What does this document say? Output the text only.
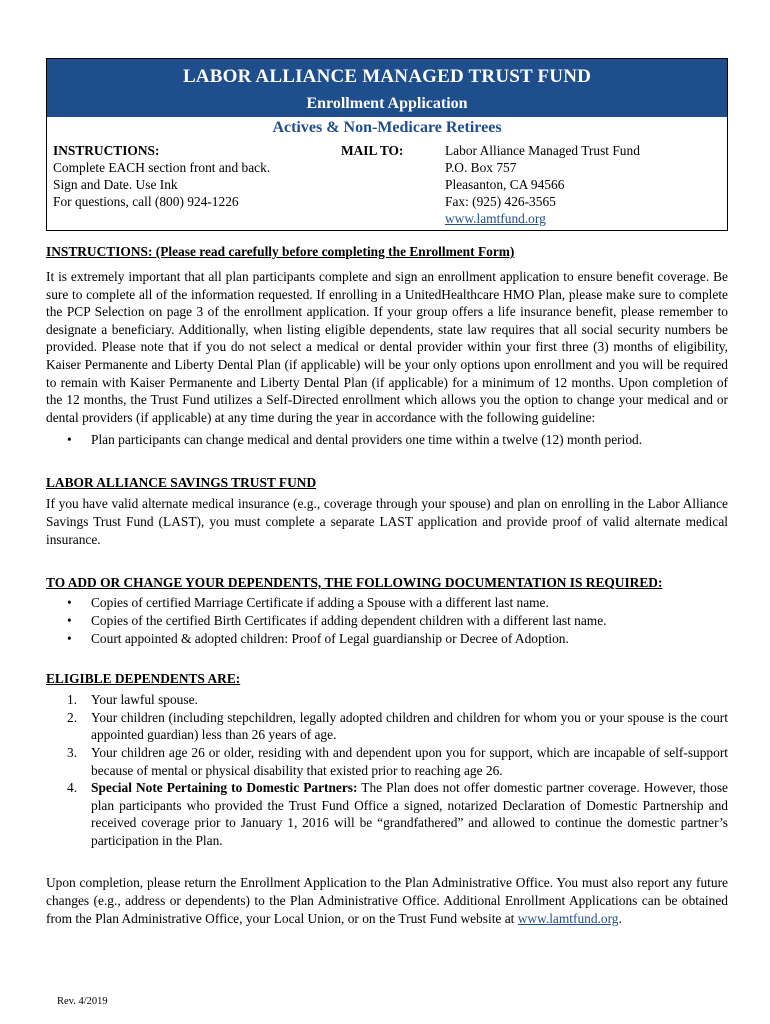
LABOR ALLIANCE MANAGED TRUST FUND
Enrollment Application
Actives & Non-Medicare Retirees
INSTRUCTIONS:
Complete EACH section front and back.
Sign and Date. Use Ink
For questions, call (800) 924-1226
MAIL TO:	Labor Alliance Managed Trust Fund
P.O. Box 757
Pleasanton, CA 94566
Fax: (925) 426-3565
www.lamtfund.org
INSTRUCTIONS: (Please read carefully before completing the Enrollment Form)

It is extremely important that all plan participants complete and sign an enrollment application to ensure benefit coverage. Be sure to complete all of the information requested. If enrolling in a UnitedHealthcare HMO Plan, please make sure to complete the PCP Selection on page 3 of the enrollment application. If your group offers a life insurance benefit, please remember to designate a beneficiary. Additionally, when listing eligible dependents, state law requires that all social security numbers be provided. Please note that if you do not select a medical or dental provider within your first three (3) months of eligibility, Kaiser Permanente and Liberty Dental Plan (if applicable) will be your only options upon enrollment and you will be required to remain with Kaiser Permanente and Liberty Dental Plan (if applicable) for a minimum of 12 months. Upon completion of the 12 months, the Trust Fund utilizes a Self-Directed enrollment which allows you the option to change your medical and or dental providers (if applicable) at any time during the year in accordance with the following guideline:

• Plan participants can change medical and dental providers one time within a twelve (12) month period.
LABOR ALLIANCE SAVINGS TRUST FUND

If you have valid alternate medical insurance (e.g., coverage through your spouse) and plan on enrolling in the Labor Alliance Savings Trust Fund (LAST), you must complete a separate LAST application and provide proof of valid alternate medical insurance.

TO ADD OR CHANGE YOUR DEPENDENTS, THE FOLLOWING DOCUMENTATION IS REQUIRED:
• Copies of certified Marriage Certificate if adding a Spouse with a different last name.
• Copies of the certified Birth Certificates if adding dependent children with a different last name.
• Court appointed & adopted children: Proof of Legal guardianship or Decree of Adoption.
ELIGIBLE DEPENDENTS ARE:
1. Your lawful spouse.
2. Your children (including stepchildren, legally adopted children and children for whom you or your spouse is the court appointed guardian) less than 26 years of age.
3. Your children age 26 or older, residing with and dependent upon you for support, which are incapable of self-support because of mental or physical disability that existed prior to reaching age 26.
4. Special Note Pertaining to Domestic Partners: The Plan does not offer domestic partner coverage. However, those plan participants who provided the Trust Fund Office a signed, notarized Declaration of Domestic Partnership and received coverage prior to January 1, 2016 will be “grandfathered” and allowed to continue the domestic partner’s participation in the Plan.

Upon completion, please return the Enrollment Application to the Plan Administrative Office. You must also report any future changes (e.g., address or dependents) to the Plan Administrative Office. Additional Enrollment Applications can be obtained from the Plan Administrative Office, your Local Union, or on the Trust Fund website at www.lamtfund.org.

Rev. 4/2019
